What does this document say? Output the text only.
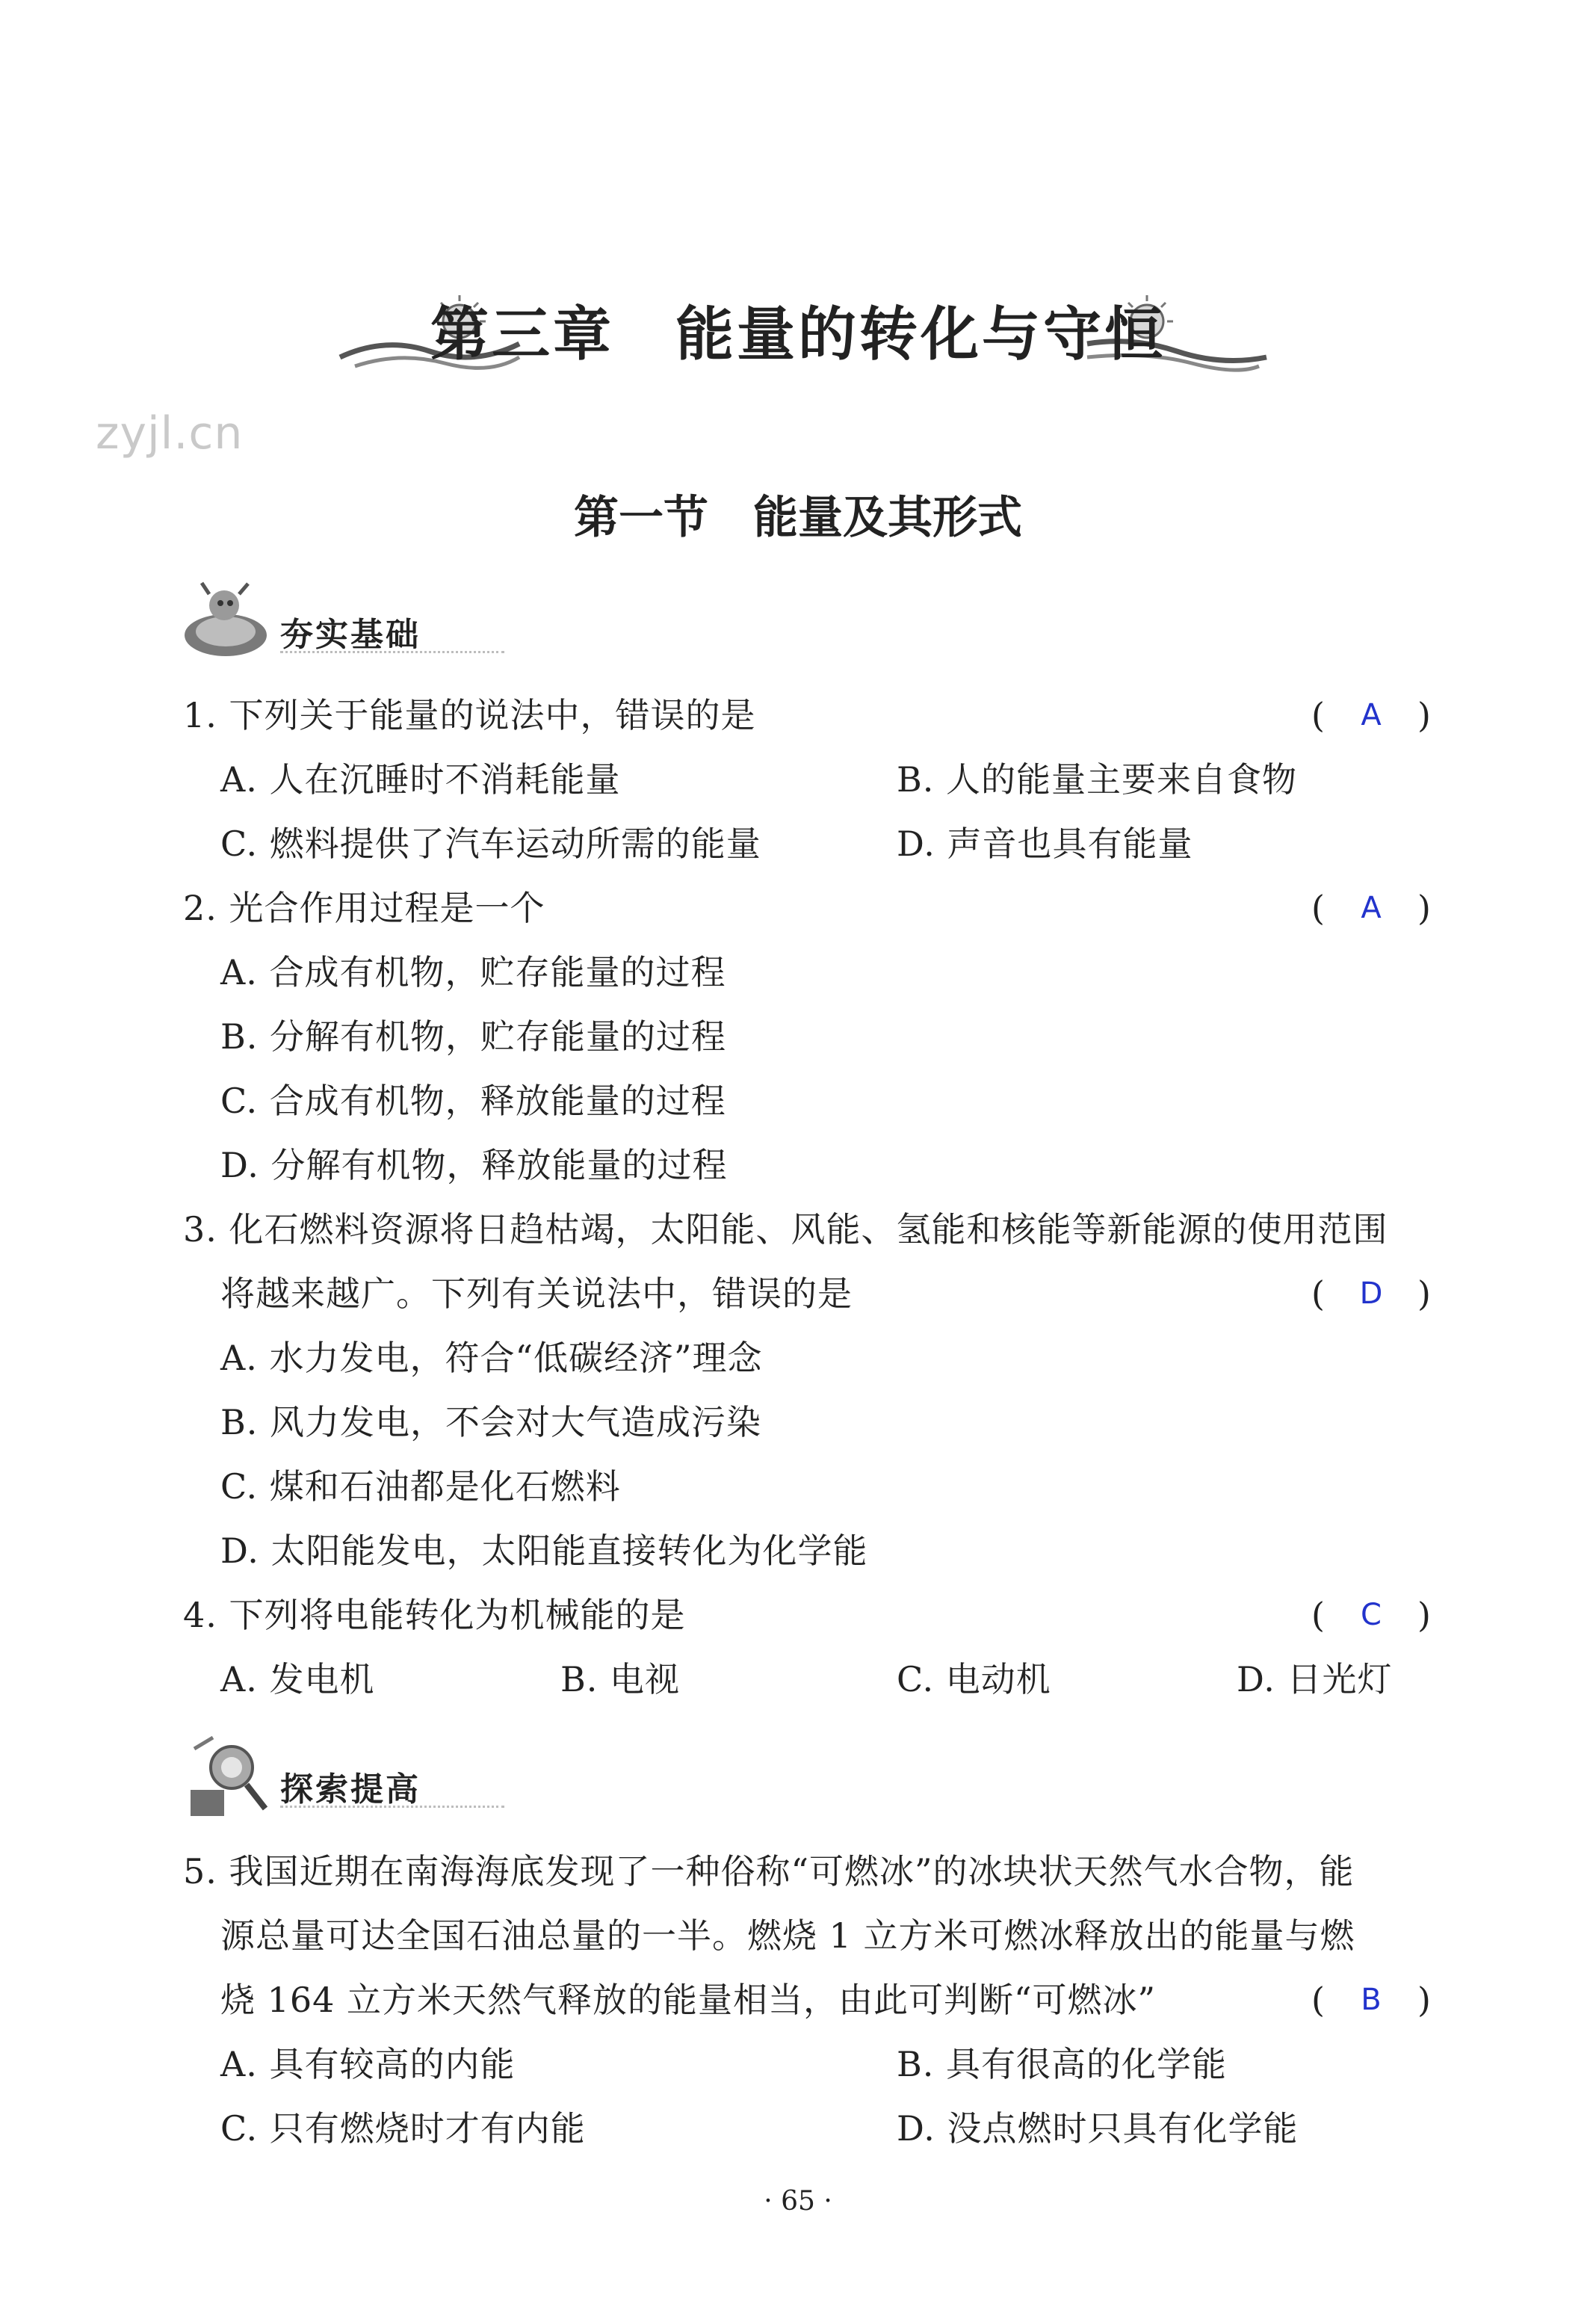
第三章　能量的转化与守恒
zyjl.cn
第一节　能量及其形式
夯实基础
1. 下列关于能量的说法中，错误的是	( A )
A. 人在沉睡时不消耗能量	B. 人的能量主要来自食物
C. 燃料提供了汽车运动所需的能量	D. 声音也具有能量
2. 光合作用过程是一个	( A )
A. 合成有机物，贮存能量的过程
B. 分解有机物，贮存能量的过程
C. 合成有机物，释放能量的过程
D. 分解有机物，释放能量的过程
3. 化石燃料资源将日趋枯竭，太阳能、风能、氢能和核能等新能源的使用范围
将越来越广。下列有关说法中，错误的是	( D )
A. 水力发电，符合“低碳经济”理念
B. 风力发电，不会对大气造成污染
C. 煤和石油都是化石燃料
D. 太阳能发电，太阳能直接转化为化学能
4. 下列将电能转化为机械能的是	( C )
A. 发电机	B. 电视	C. 电动机	D. 日光灯
探索提高
5. 我国近期在南海海底发现了一种俗称“可燃冰”的冰块状天然气水合物，能
源总量可达全国石油总量的一半。燃烧 1 立方米可燃冰释放出的能量与燃
烧 164 立方米天然气释放的能量相当，由此可判断“可燃冰”	( B )
A. 具有较高的内能	B. 具有很高的化学能
C. 只有燃烧时才有内能	D. 没点燃时只具有化学能
· 65 ·
